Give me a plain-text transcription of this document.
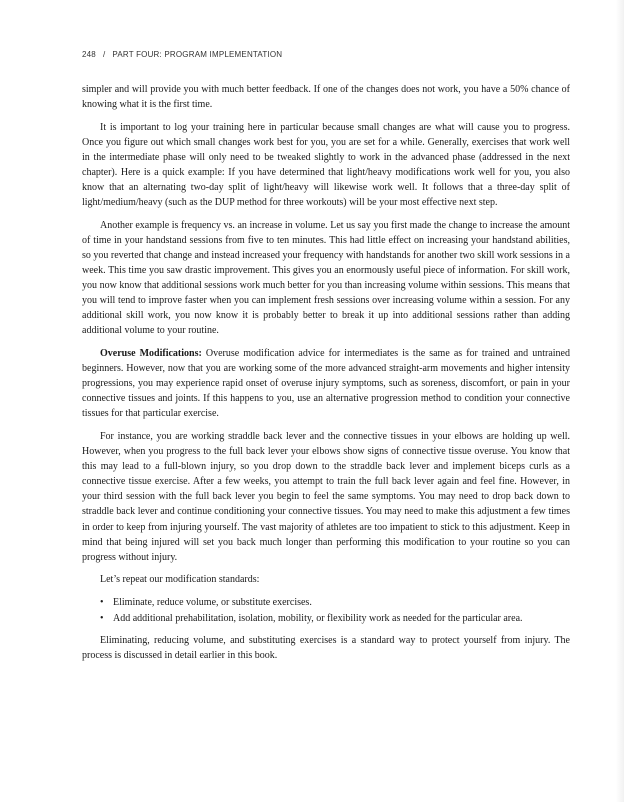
248 / PART FOUR: PROGRAM IMPLEMENTATION

simpler and will provide you with much better feedback. If one of the changes does not work, you have a 50% chance of knowing what it is the first time.

It is important to log your training here in particular because small changes are what will cause you to progress. Once you figure out which small changes work best for you, you are set for a while. Generally, exercises that work well in the intermediate phase will only need to be tweaked slightly to work in the advanced phase (addressed in the next chapter). Here is a quick example: If you have determined that light/heavy modifications work well for you, you also know that an alternating two-day split of light/heavy will likewise work well. It follows that a three-day split of light/medium/heavy (such as the DUP method for three workouts) will be your most effective next step.

Another example is frequency vs. an increase in volume. Let us say you first made the change to increase the amount of time in your handstand sessions from five to ten minutes. This had little effect on increasing your handstand abilities, so you reverted that change and instead increased your frequency with handstands for another two skill work sessions in a week. This time you saw drastic improvement. This gives you an enormously useful piece of information. For skill work, you now know that additional sessions work much better for you than increasing volume within sessions. This means that you will tend to improve faster when you can implement fresh sessions over increasing volume within a session. For any additional skill work, you now know it is probably better to break it up into additional sessions rather than adding additional volume to your routine.

Overuse Modifications: Overuse modification advice for intermediates is the same as for trained and untrained beginners. However, now that you are working some of the more advanced straight-arm movements and higher intensity progressions, you may experience rapid onset of overuse injury symptoms, such as soreness, discomfort, or pain in your connective tissues and joints. If this happens to you, use an alternative progression method to condition your connective tissues for that particular exercise.

For instance, you are working straddle back lever and the connective tissues in your elbows are holding up well. However, when you progress to the full back lever your elbows show signs of connective tissue overuse. You know that this may lead to a full-blown injury, so you drop down to the straddle back lever and implement biceps curls as a connective tissue exercise. After a few weeks, you attempt to train the full back lever again and feel fine. However, in your third session with the full back lever you begin to feel the same symptoms. You may need to drop back down to straddle back lever and continue conditioning your connective tissues. You may need to make this adjustment a few times in order to keep from injuring yourself. The vast majority of athletes are too impatient to stick to this adjustment. Keep in mind that being injured will set you back much longer than performing this modification to your routine so you can progress without injury.

Let’s repeat our modification standards:

• Eliminate, reduce volume, or substitute exercises.
• Add additional prehabilitation, isolation, mobility, or flexibility work as needed for the particular area.

Eliminating, reducing volume, and substituting exercises is a standard way to protect yourself from injury. The process is discussed in detail earlier in this book.
